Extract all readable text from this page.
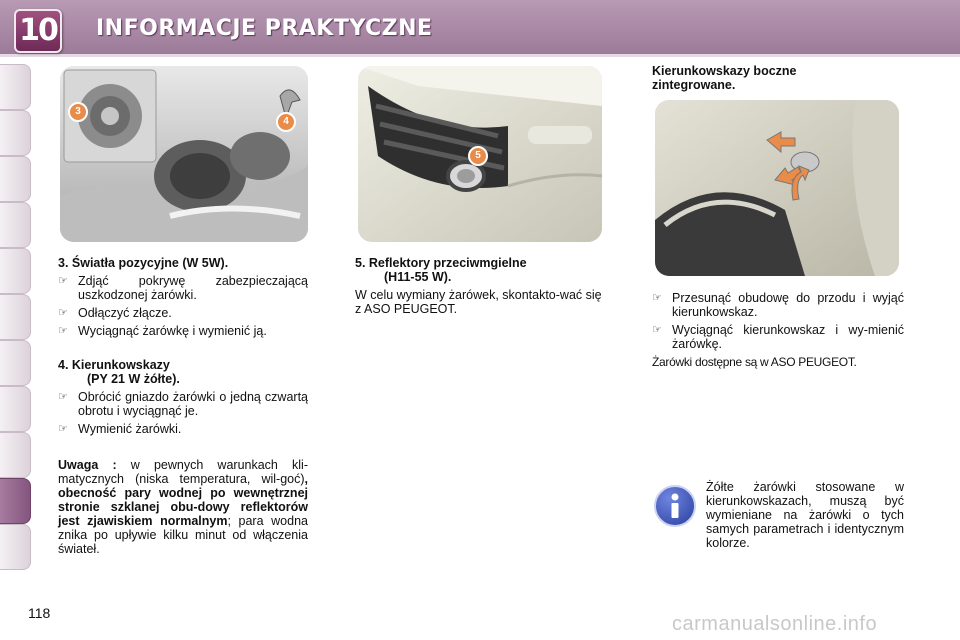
10 INFORMACJE PRAKTYCZNE
3
4
5
3. Światła pozycyjne (W 5W).
☞ Zdjąć pokrywę zabezpieczającą uszkodzonej żarówki.
☞ Odłączyć złącze.
☞ Wyciągnąć żarówkę i wymienić ją.
4. Kierunkowskazy
(PY 21 W żółte).
☞ Obrócić gniazdo żarówki o jedną czwartą obrotu i wyciągnąć je.
☞ Wymienić żarówki.
Uwaga : w pewnych warunkach kli-matycznych (niska temperatura, wil-goć), obecność pary wodnej po wewnętrznej stronie szklanej obu-dowy reflektorów jest zjawiskiem normalnym; para wodna znika po upływie kilku minut od włączenia świateł.
5. Reflektory przeciwmgielne
(H11-55 W).
W celu wymiany żarówek, skontakto-wać się z ASO PEUGEOT.
Kierunkowskazy boczne zintegrowane.
☞ Przesunąć obudowę do przodu i wyjąć kierunkowskaz.
☞ Wyciągnąć kierunkowskaz i wy-mienić żarówkę.
Żarówki dostępne są w ASO PEUGEOT.
Żółte żarówki stosowane w kierunkowskazach, muszą być wymieniane na żarówki o tych samych parametrach i identycznym kolorze.
118	carmanualsonline.info
